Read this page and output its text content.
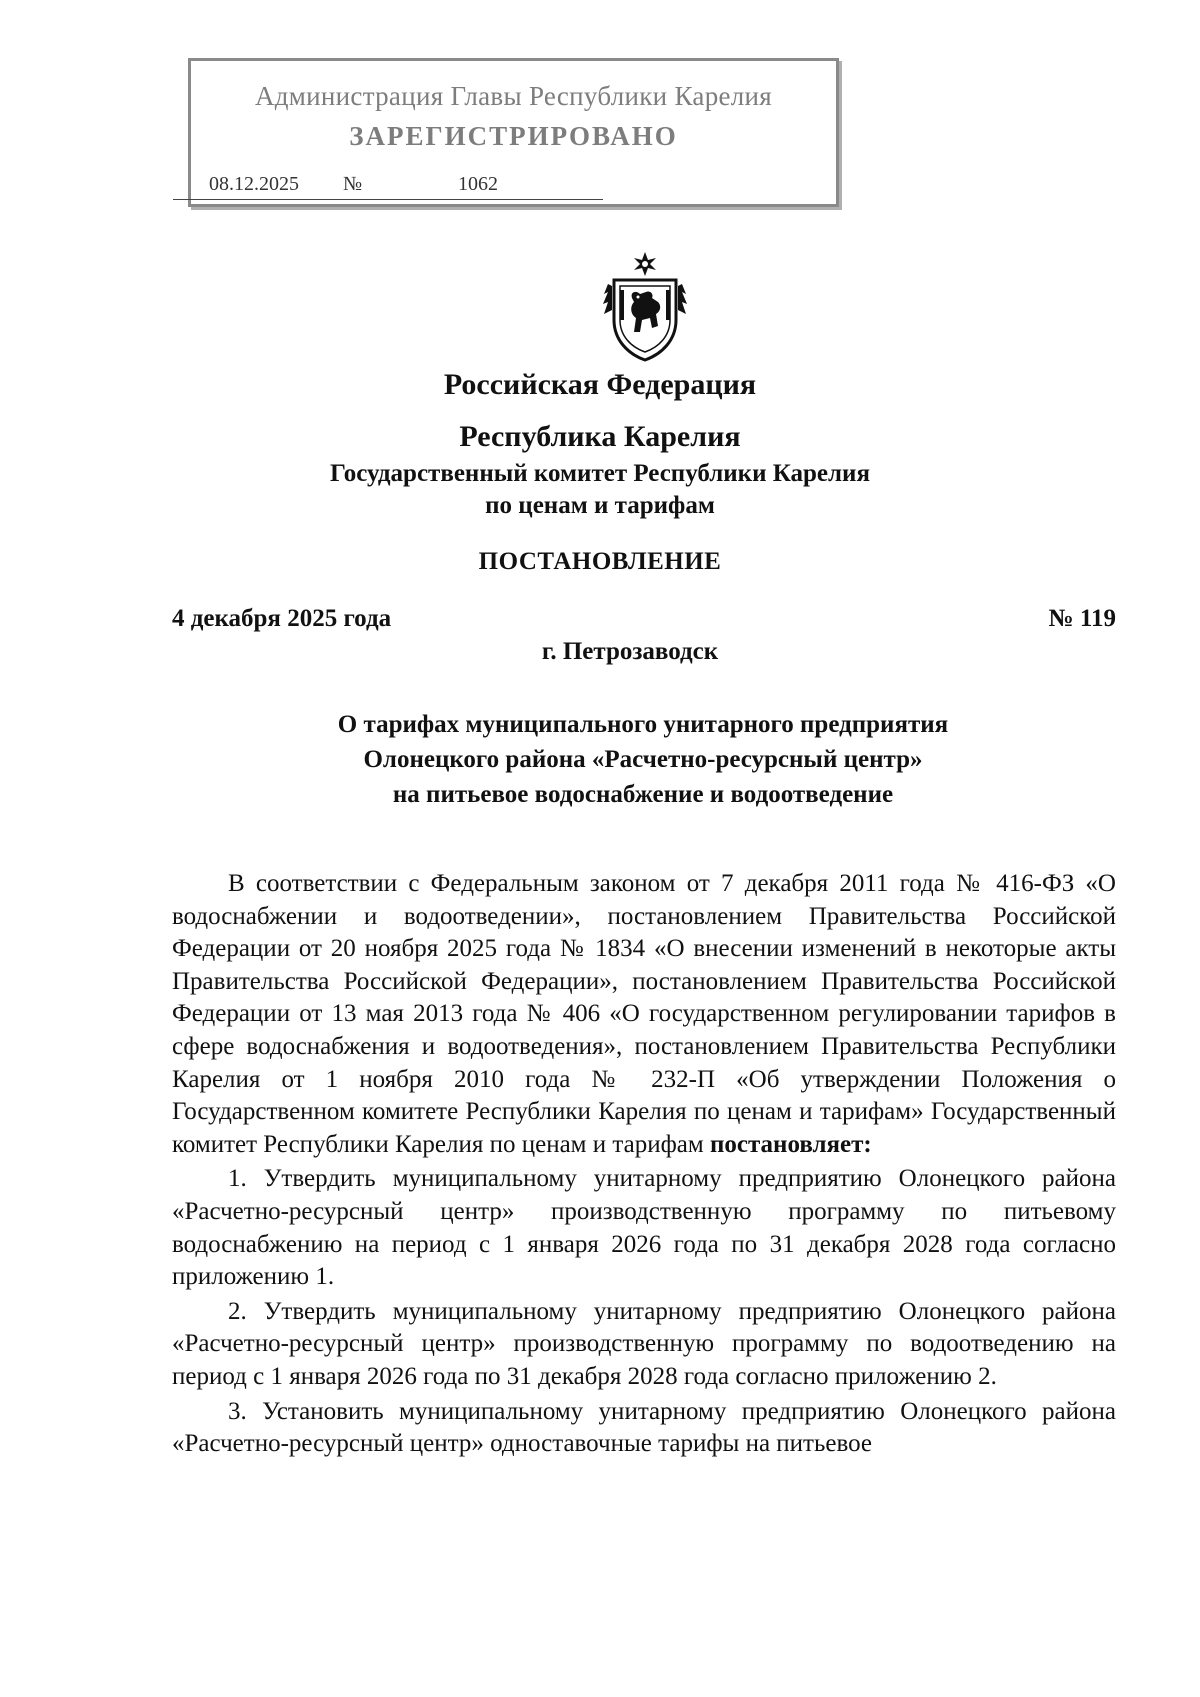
Администрация Главы Республики Карелия
ЗАРЕГИСТРИРОВАНО
08.12.2025 №	1062
Российская Федерация
Республика Карелия
Государственный комитет Республики Карелия
по ценам и тарифам
ПОСТАНОВЛЕНИЕ
4 декабря 2025 года	№ 119
г. Петрозаводск
О тарифах муниципального унитарного предприятия
Олонецкого района «Расчетно-ресурсный центр»
на питьевое водоснабжение и водоотведение

В соответствии с Федеральным законом от 7 декабря 2011 года № 416-ФЗ «О водоснабжении и водоотведении», постановлением Правительства Российской Федерации от 20 ноября 2025 года № 1834 «О внесении изменений в некоторые акты Правительства Российской Федерации», постановлением Правительства Российской Федерации от 13 мая 2013 года № 406 «О государственном регулировании тарифов в сфере водоснабжения и водоотведения», постановлением Правительства Республики Карелия от 1 ноября 2010 года № 232-П «Об утверждении Положения о Государственном комитете Республики Карелия по ценам и тарифам» Государственный комитет Республики Карелия по ценам и тарифам постановляет:

1. Утвердить муниципальному унитарному предприятию Олонецкого района «Расчетно-ресурсный центр» производственную программу по питьевому водоснабжению на период с 1 января 2026 года по 31 декабря 2028 года согласно приложению 1.

2. Утвердить муниципальному унитарному предприятию Олонецкого района «Расчетно-ресурсный центр» производственную программу по водоотведению на период с 1 января 2026 года по 31 декабря 2028 года согласно приложению 2.

3. Установить муниципальному унитарному предприятию Олонецкого района «Расчетно-ресурсный центр» одноставочные тарифы на питьевое
